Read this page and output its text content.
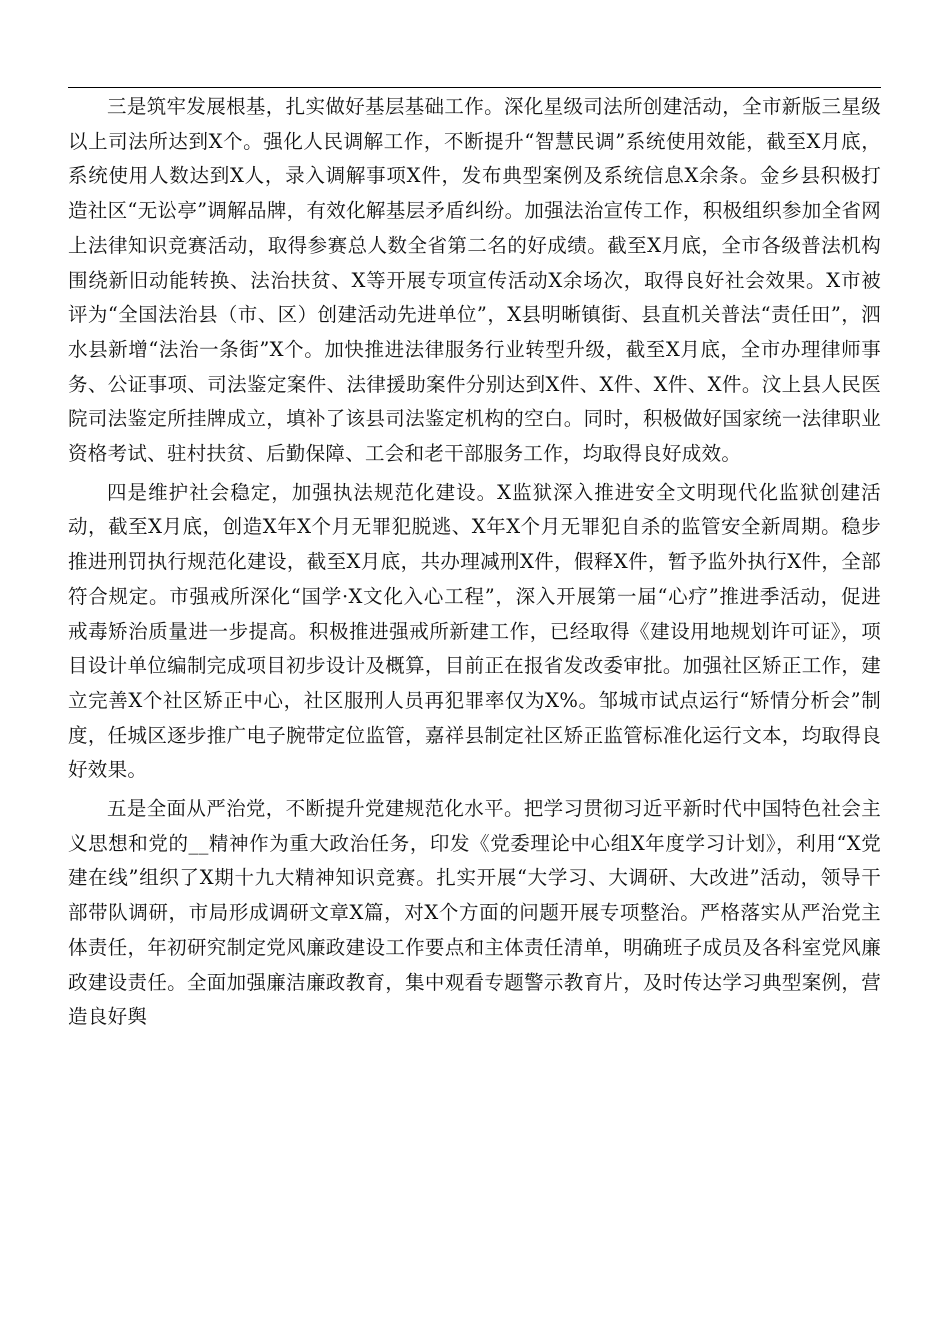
三是筑牢发展根基，扎实做好基层基础工作。深化星级司法所创建活动，全市新版三星级以上司法所达到X个。强化人民调解工作，不断提升“智慧民调”系统使用效能，截至X月底，系统使用人数达到X人，录入调解事项X件，发布典型案例及系统信息X余条。金乡县积极打造社区“无讼亭”调解品牌，有效化解基层矛盾纠纷。加强法治宣传工作，积极组织参加全省网上法律知识竞赛活动，取得参赛总人数全省第二名的好成绩。截至X月底，全市各级普法机构围绕新旧动能转换、法治扶贫、X等开展专项宣传活动X余场次，取得良好社会效果。X市被评为“全国法治县（市、区）创建活动先进单位”，X县明晰镇街、县直机关普法“责任田”，泗水县新增“法治一条街”X个。加快推进法律服务行业转型升级，截至X月底，全市办理律师事务、公证事项、司法鉴定案件、法律援助案件分别达到X件、X件、X件、X件。汶上县人民医院司法鉴定所挂牌成立，填补了该县司法鉴定机构的空白。同时，积极做好国家统一法律职业资格考试、驻村扶贫、后勤保障、工会和老干部服务工作，均取得良好成效。

四是维护社会稳定，加强执法规范化建设。X监狱深入推进安全文明现代化监狱创建活动，截至X月底，创造X年X个月无罪犯脱逃、X年X个月无罪犯自杀的监管安全新周期。稳步推进刑罚执行规范化建设，截至X月底，共办理减刑X件，假释X件，暂予监外执行X件，全部符合规定。市强戒所深化“国学·X文化入心工程”，深入开展第一届“心疗”推进季活动，促进戒毒矫治质量进一步提高。积极推进强戒所新建工作，已经取得《建设用地规划许可证》，项目设计单位编制完成项目初步设计及概算，目前正在报省发改委审批。加强社区矫正工作，建立完善X个社区矫正中心，社区服刑人员再犯罪率仅为X%。邹城市试点运行“矫情分析会”制度，任城区逐步推广电子腕带定位监管，嘉祥县制定社区矫正监管标准化运行文本，均取得良好效果。

五是全面从严治党，不断提升党建规范化水平。把学习贯彻习近平新时代中国特色社会主义思想和党的__精神作为重大政治任务，印发《党委理论中心组X年度学习计划》，利用“X党建在线”组织了X期十九大精神知识竞赛。扎实开展“大学习、大调研、大改进”活动，领导干部带队调研，市局形成调研文章X篇，对X个方面的问题开展专项整治。严格落实从严治党主体责任，年初研究制定党风廉政建设工作要点和主体责任清单，明确班子成员及各科室党风廉政建设责任。全面加强廉洁廉政教育，集中观看专题警示教育片，及时传达学习典型案例，营造良好舆
